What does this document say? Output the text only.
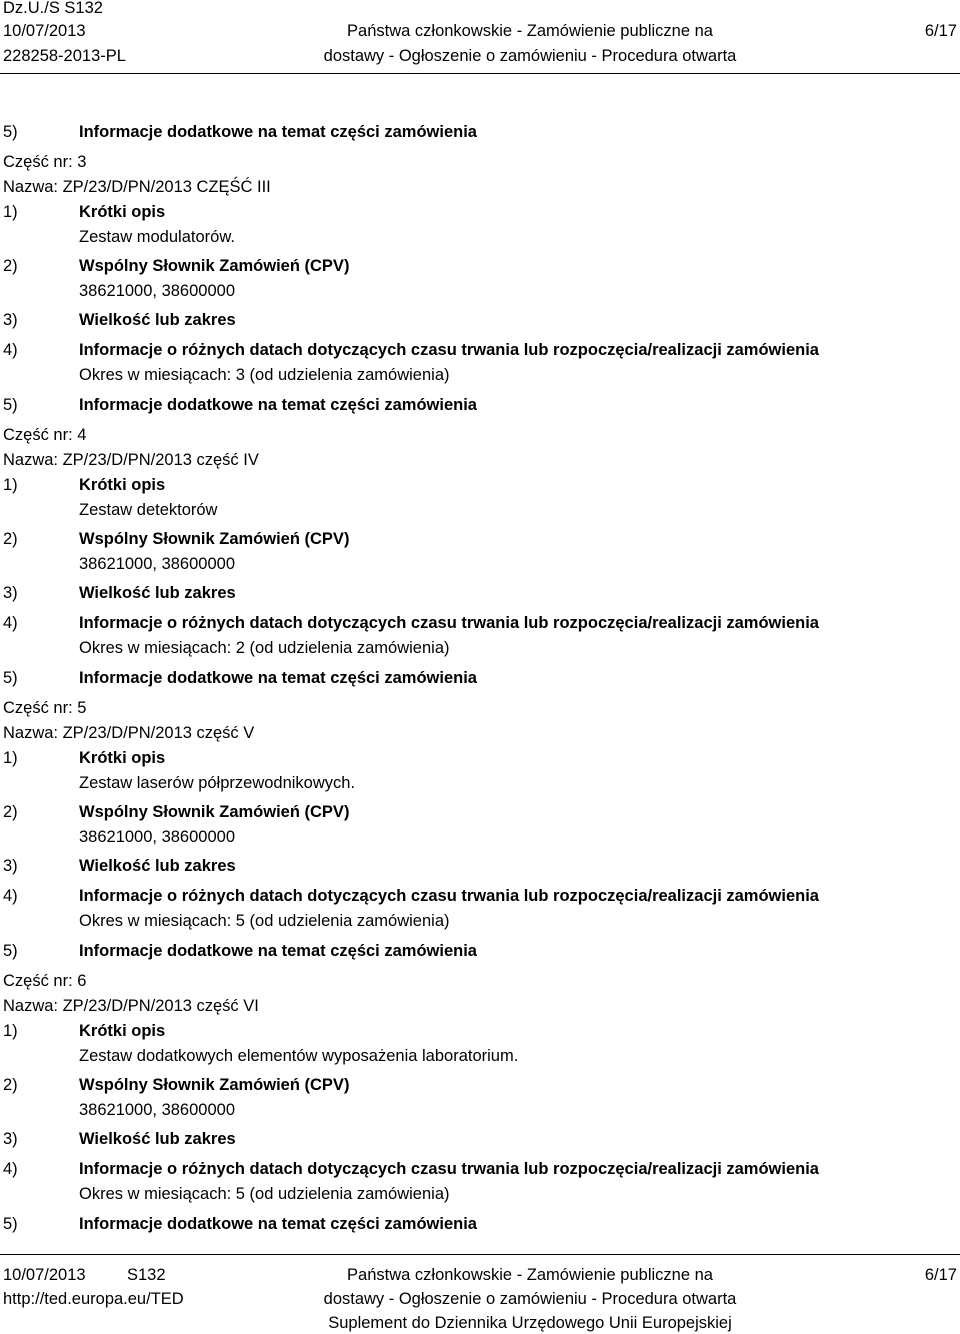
Dz.U./S S132
10/07/2013
228258-2013-PL
Państwa członkowskie - Zamówienie publiczne na
dostawy - Ogłoszenie o zamówieniu - Procedura otwarta
6/17
5)	Informacje dodatkowe na temat części zamówienia
Część nr: 3
Nazwa: ZP/23/D/PN/2013 CZĘŚĆ III
1)	Krótki opis
Zestaw modulatorów.
2)	Wspólny Słownik Zamówień (CPV)
38621000, 38600000
3)	Wielkość lub zakres
4)	Informacje o różnych datach dotyczących czasu trwania lub rozpoczęcia/realizacji zamówienia
Okres w miesiącach: 3 (od udzielenia zamówienia)
5)	Informacje dodatkowe na temat części zamówienia
Część nr: 4
Nazwa: ZP/23/D/PN/2013 część IV
1)	Krótki opis
Zestaw detektorów
2)	Wspólny Słownik Zamówień (CPV)
38621000, 38600000
3)	Wielkość lub zakres
4)	Informacje o różnych datach dotyczących czasu trwania lub rozpoczęcia/realizacji zamówienia
Okres w miesiącach: 2 (od udzielenia zamówienia)
5)	Informacje dodatkowe na temat części zamówienia
Część nr: 5
Nazwa: ZP/23/D/PN/2013 część V
1)	Krótki opis
Zestaw laserów półprzewodnikowych.
2)	Wspólny Słownik Zamówień (CPV)
38621000, 38600000
3)	Wielkość lub zakres
4)	Informacje o różnych datach dotyczących czasu trwania lub rozpoczęcia/realizacji zamówienia
Okres w miesiącach: 5 (od udzielenia zamówienia)
5)	Informacje dodatkowe na temat części zamówienia
Część nr: 6
Nazwa: ZP/23/D/PN/2013 część VI
1)	Krótki opis
Zestaw dodatkowych elementów wyposażenia laboratorium.
2)	Wspólny Słownik Zamówień (CPV)
38621000, 38600000
3)	Wielkość lub zakres
4)	Informacje o różnych datach dotyczących czasu trwania lub rozpoczęcia/realizacji zamówienia
Okres w miesiącach: 5 (od udzielenia zamówienia)
5)	Informacje dodatkowe na temat części zamówienia
10/07/2013	S132
http://ted.europa.eu/TED
Państwa członkowskie - Zamówienie publiczne na
dostawy - Ogłoszenie o zamówieniu - Procedura otwarta
Suplement do Dziennika Urzędowego Unii Europejskiej
6/17
